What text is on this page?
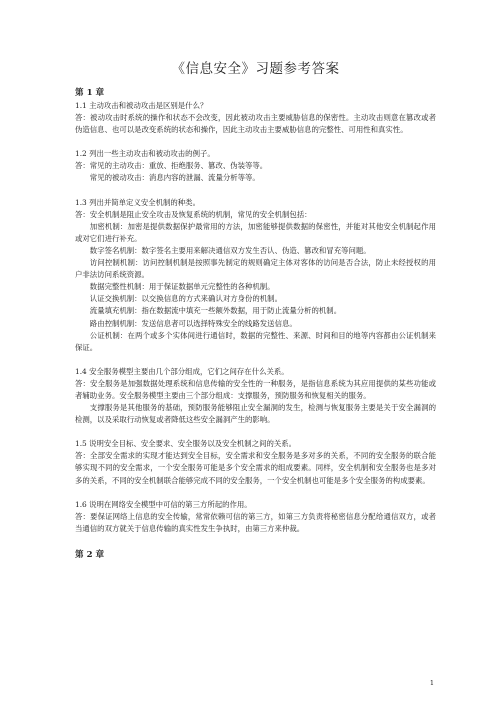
《信息安全》习题参考答案

第 1 章

1.1 主动攻击和被动攻击是区别是什么？

答：被动攻击时系统的操作和状态不会改变，因此被动攻击主要威胁信息的保密性。主动攻击则意在篡改或者伪造信息、也可以是改变系统的状态和操作，因此主动攻击主要威胁信息的完整性、可用性和真实性。

1.2 列出一些主动攻击和被动攻击的例子。

答：常见的主动攻击：重放、拒绝服务、篡改、伪装等等。

常见的被动攻击：消息内容的泄漏、流量分析等等。

1.3 列出并简单定义安全机制的种类。

答：安全机制是阻止安全攻击及恢复系统的机制，常见的安全机制包括：

加密机制：加密是提供数据保护最常用的方法，加密能够提供数据的保密性，并能对其他安全机制起作用或对它们进行补充。

数字签名机制：数字签名主要用来解决通信双方发生否认、伪造、篡改和冒充等问题。

访问控制机制：访问控制机制是按照事先制定的规则确定主体对客体的访问是否合法，防止未经授权的用户非法访问系统资源。

数据完整性机制：用于保证数据单元完整性的各种机制。

认证交换机制：以交换信息的方式来确认对方身份的机制。

流量填充机制：指在数据流中填充一些额外数据，用于防止流量分析的机制。

路由控制机制：发送信息者可以选择特殊安全的线路发送信息。

公证机制：在两个或多个实体间进行通信时，数据的完整性、来源、时间和目的地等内容都由公证机制来保证。

1.4 安全服务模型主要由几个部分组成，它们之间存在什么关系。

答：安全服务是加强数据处理系统和信息传输的安全性的一种服务，是指信息系统为其应用提供的某些功能或者辅助业务。安全服务模型主要由三个部分组成：支撑服务，预防服务和恢复相关的服务。

支撑服务是其他服务的基础，预防服务能够阻止安全漏洞的发生，检测与恢复服务主要是关于安全漏洞的检测，以及采取行动恢复或者降低这些安全漏洞产生的影响。

1.5 说明安全目标、安全要求、安全服务以及安全机制之间的关系。

答：全部安全需求的实现才能达到安全目标，安全需求和安全服务是多对多的关系，不同的安全服务的联合能够实现不同的安全需求，一个安全服务可能是多个安全需求的组成要素。同样，安全机制和安全服务也是多对多的关系，不同的安全机制联合能够完成不同的安全服务，一个安全机制也可能是多个安全服务的构成要素。

1.6 说明在网络安全模型中可信的第三方所起的作用。

答：要保证网络上信息的安全传输，常常依赖可信的第三方，如第三方负责将秘密信息分配给通信双方，或者当通信的双方就关于信息传输的真实性发生争执时，由第三方来仲裁。

第 2 章

1
